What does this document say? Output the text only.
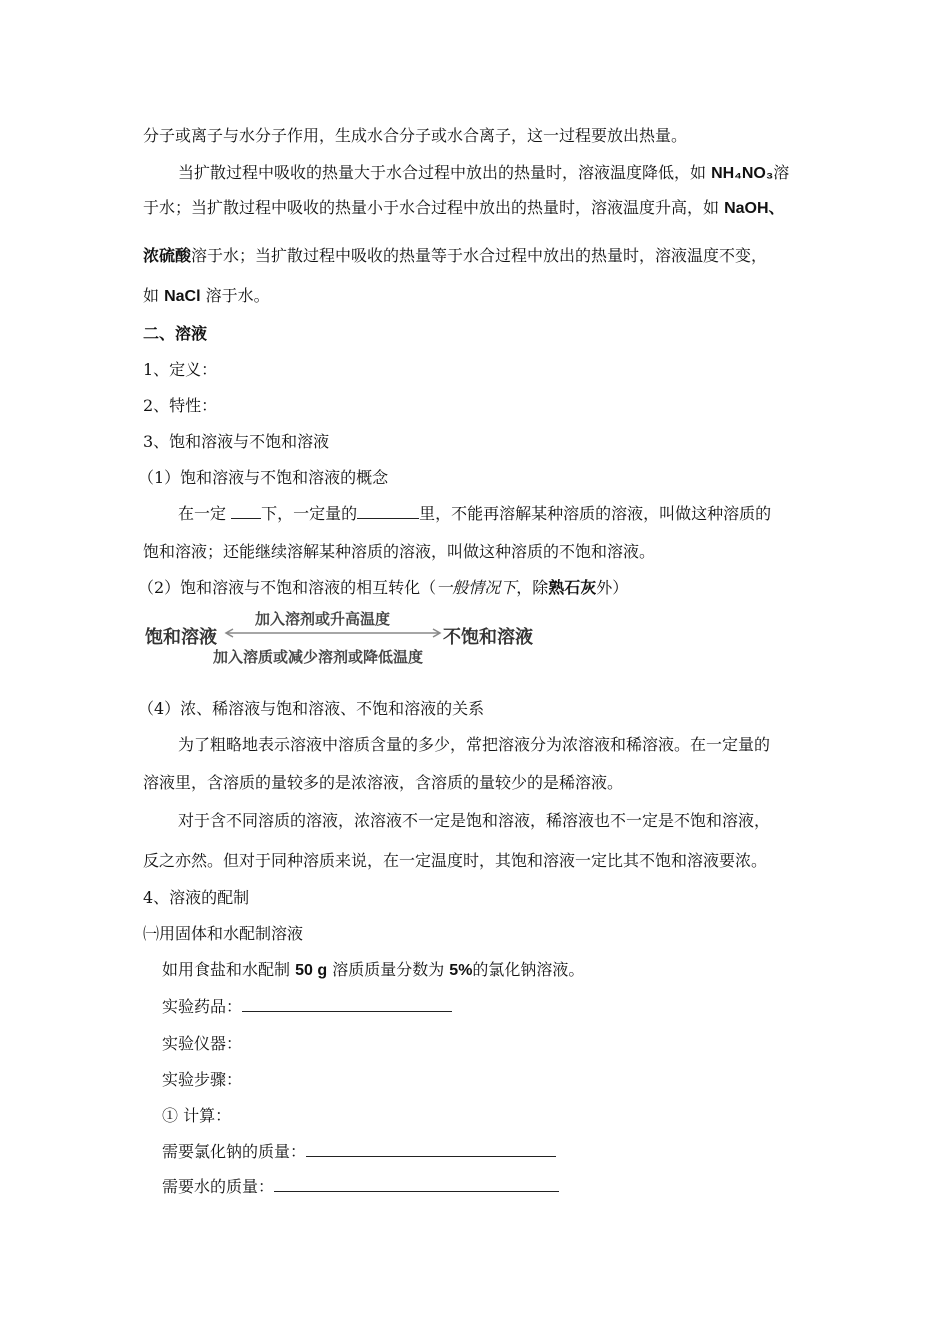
分子或离子与水分子作用，生成水合分子或水合离子，这一过程要放出热量。
当扩散过程中吸收的热量大于水合过程中放出的热量时，溶液温度降低，如 NH₄NO₃溶
于水；当扩散过程中吸收的热量小于水合过程中放出的热量时，溶液温度升高，如 NaOH、
浓硫酸溶于水；当扩散过程中吸收的热量等于水合过程中放出的热量时，溶液温度不变，
如 NaCl 溶于水。
二、溶液
1、定义：
2、特性：
3、饱和溶液与不饱和溶液
（1）饱和溶液与不饱和溶液的概念
在一定 下，一定量的	里，不能再溶解某种溶质的溶液，叫做这种溶质的
饱和溶液；还能继续溶解某种溶质的溶液，叫做这种溶质的不饱和溶液。
（2）饱和溶液与不饱和溶液的相互转化（一般情况下，除熟石灰外）
饱和溶液
加入溶剂或升高温度
不饱和溶液
加入溶质或减少溶剂或降低温度
（4）浓、稀溶液与饱和溶液、不饱和溶液的关系
为了粗略地表示溶液中溶质含量的多少，常把溶液分为浓溶液和稀溶液。在一定量的
溶液里，含溶质的量较多的是浓溶液，含溶质的量较少的是稀溶液。
对于含不同溶质的溶液，浓溶液不一定是饱和溶液，稀溶液也不一定是不饱和溶液，
反之亦然。但对于同种溶质来说，在一定温度时，其饱和溶液一定比其不饱和溶液要浓。
4、溶液的配制
㈠用固体和水配制溶液
如用食盐和水配制 50 g 溶质质量分数为 5%的氯化钠溶液。
实验药品：
实验仪器：
实验步骤：
① 计算：
需要氯化钠的质量：
需要水的质量：
